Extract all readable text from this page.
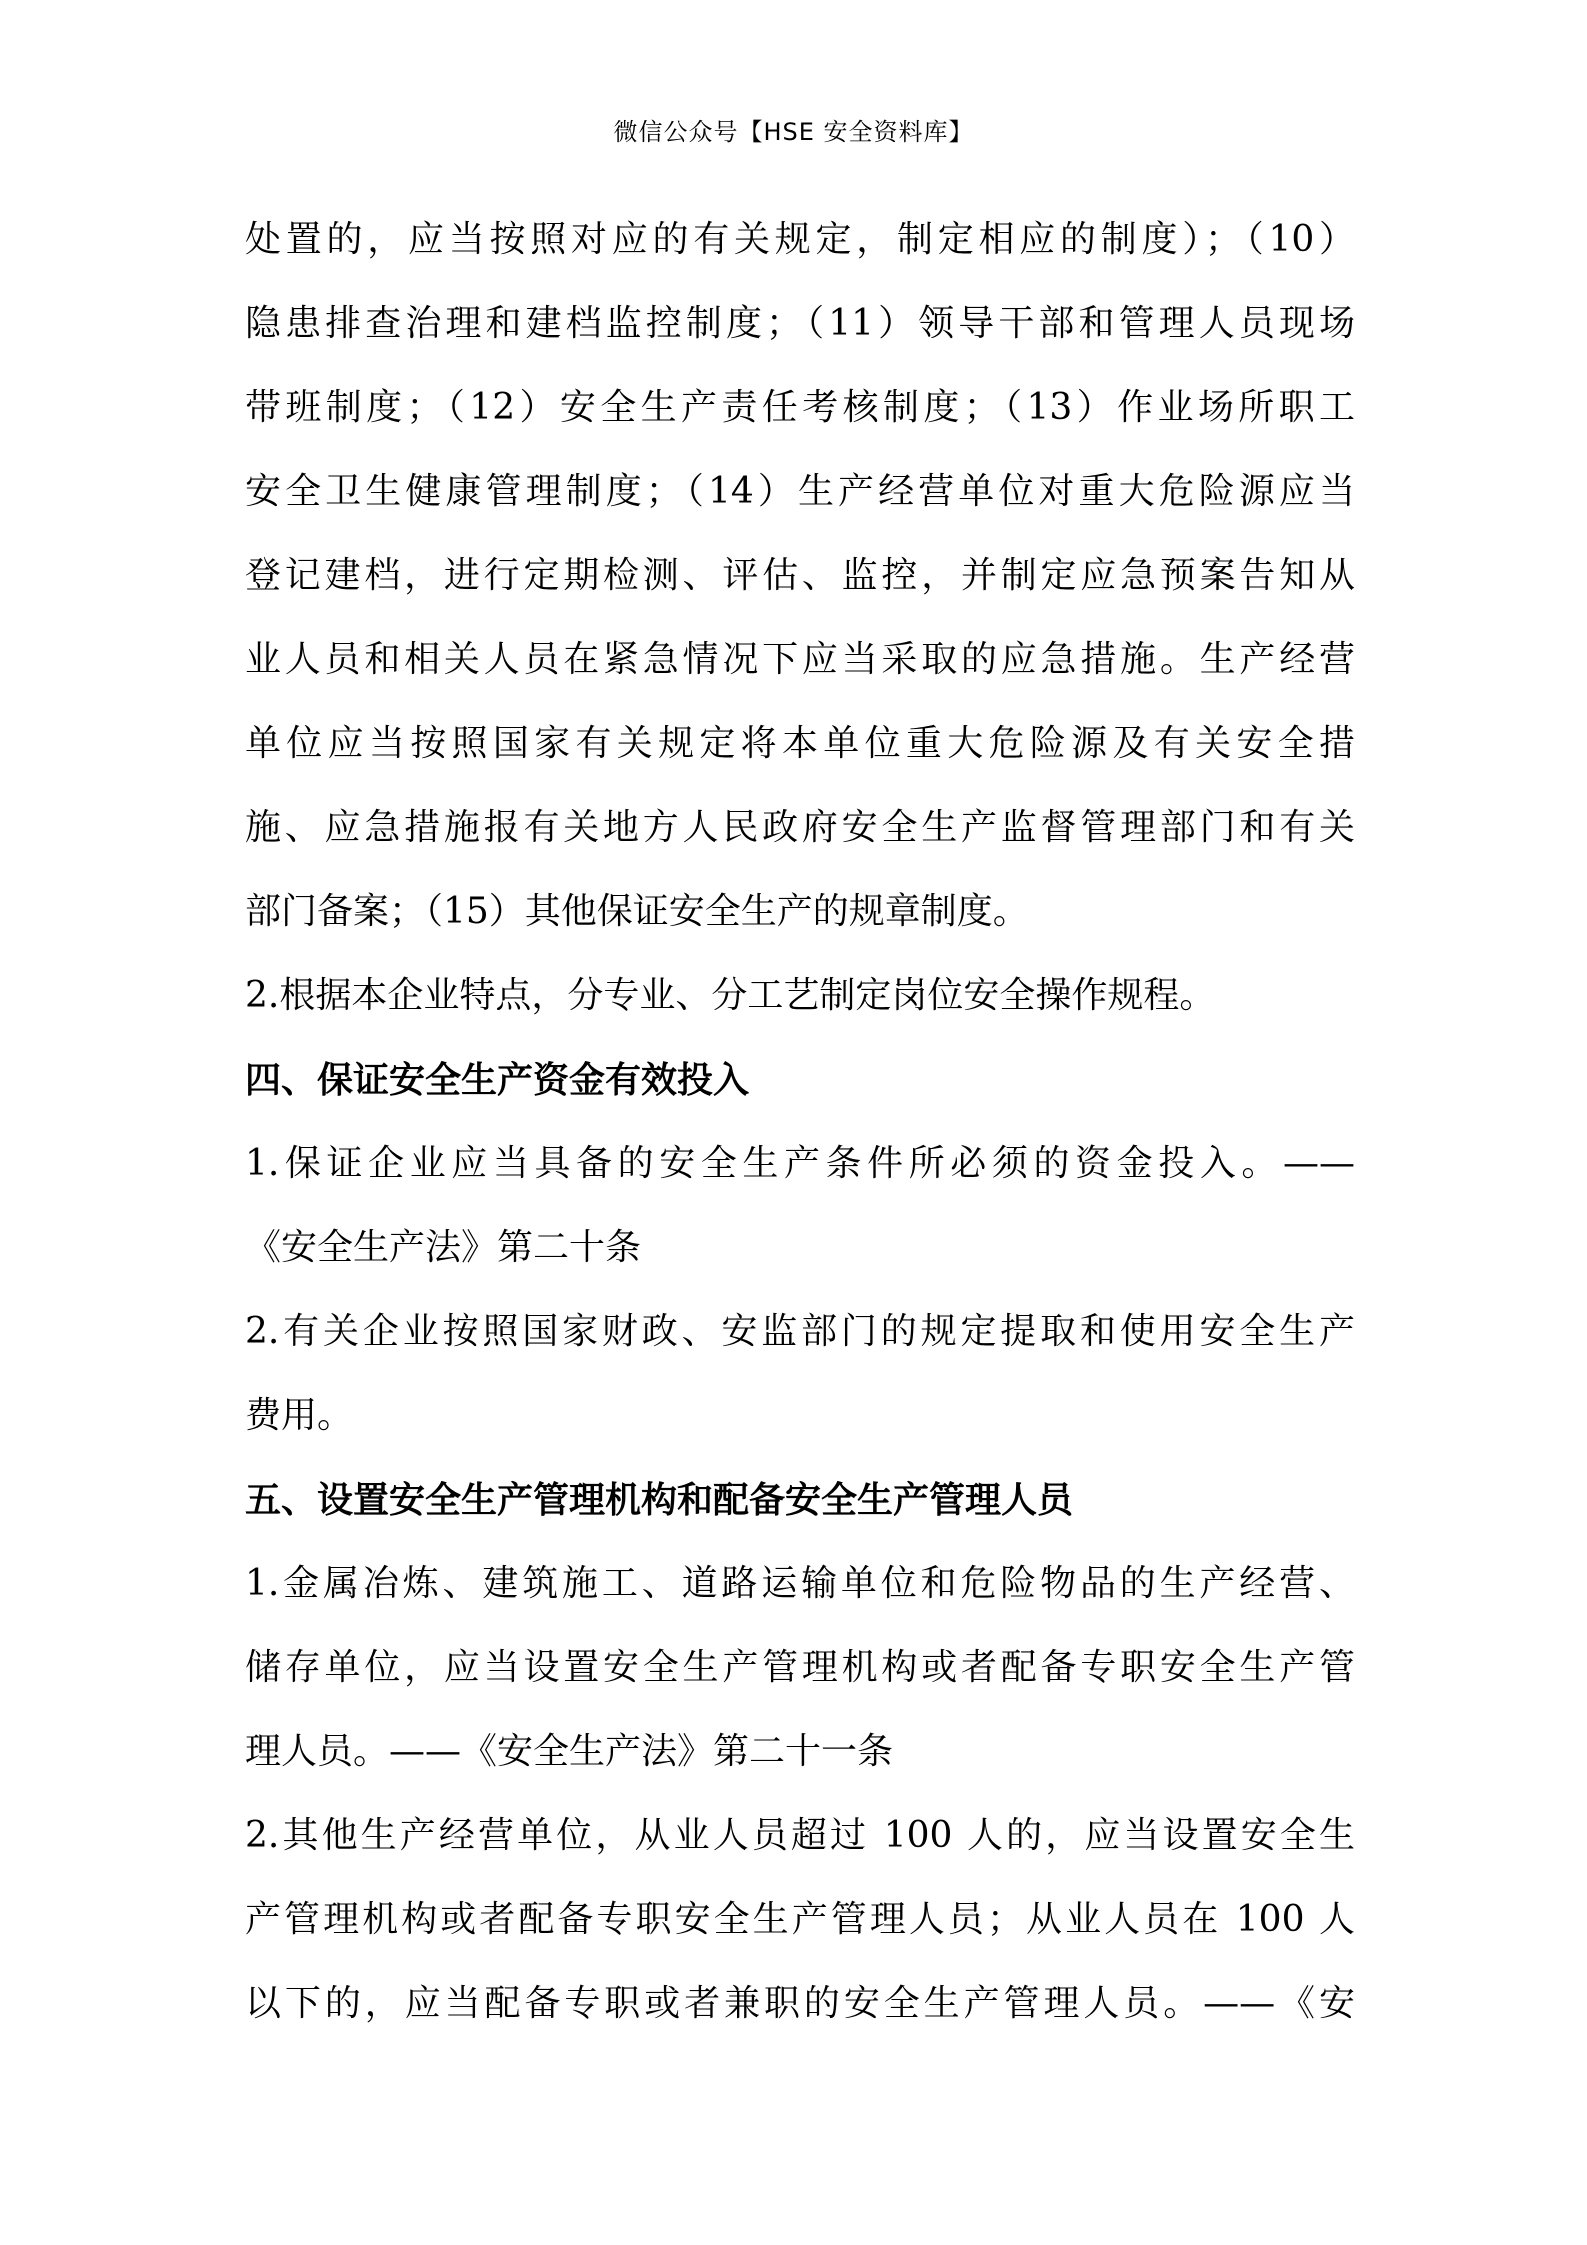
微信公众号【HSE 安全资料库】
处置的，应当按照对应的有关规定，制定相应的制度）；（10）
隐患排查治理和建档监控制度；（11）领导干部和管理人员现场
带班制度；（12）安全生产责任考核制度；（13）作业场所职工
安全卫生健康管理制度；（14）生产经营单位对重大危险源应当
登记建档，进行定期检测、评估、监控，并制定应急预案告知从
业人员和相关人员在紧急情况下应当采取的应急措施。生产经营
单位应当按照国家有关规定将本单位重大危险源及有关安全措
施、应急措施报有关地方人民政府安全生产监督管理部门和有关
部门备案；（15）其他保证安全生产的规章制度。
2.根据本企业特点，分专业、分工艺制定岗位安全操作规程。
四、保证安全生产资金有效投入
1.保证企业应当具备的安全生产条件所必须的资金投入。——
《安全生产法》第二十条
2.有关企业按照国家财政、安监部门的规定提取和使用安全生产
费用。
五、设置安全生产管理机构和配备安全生产管理人员
1.金属冶炼、建筑施工、道路运输单位和危险物品的生产经营、
储存单位，应当设置安全生产管理机构或者配备专职安全生产管
理人员。——《安全生产法》第二十一条
2.其他生产经营单位，从业人员超过 100 人的，应当设置安全生
产管理机构或者配备专职安全生产管理人员；从业人员在 100 人
以下的，应当配备专职或者兼职的安全生产管理人员。——《安
